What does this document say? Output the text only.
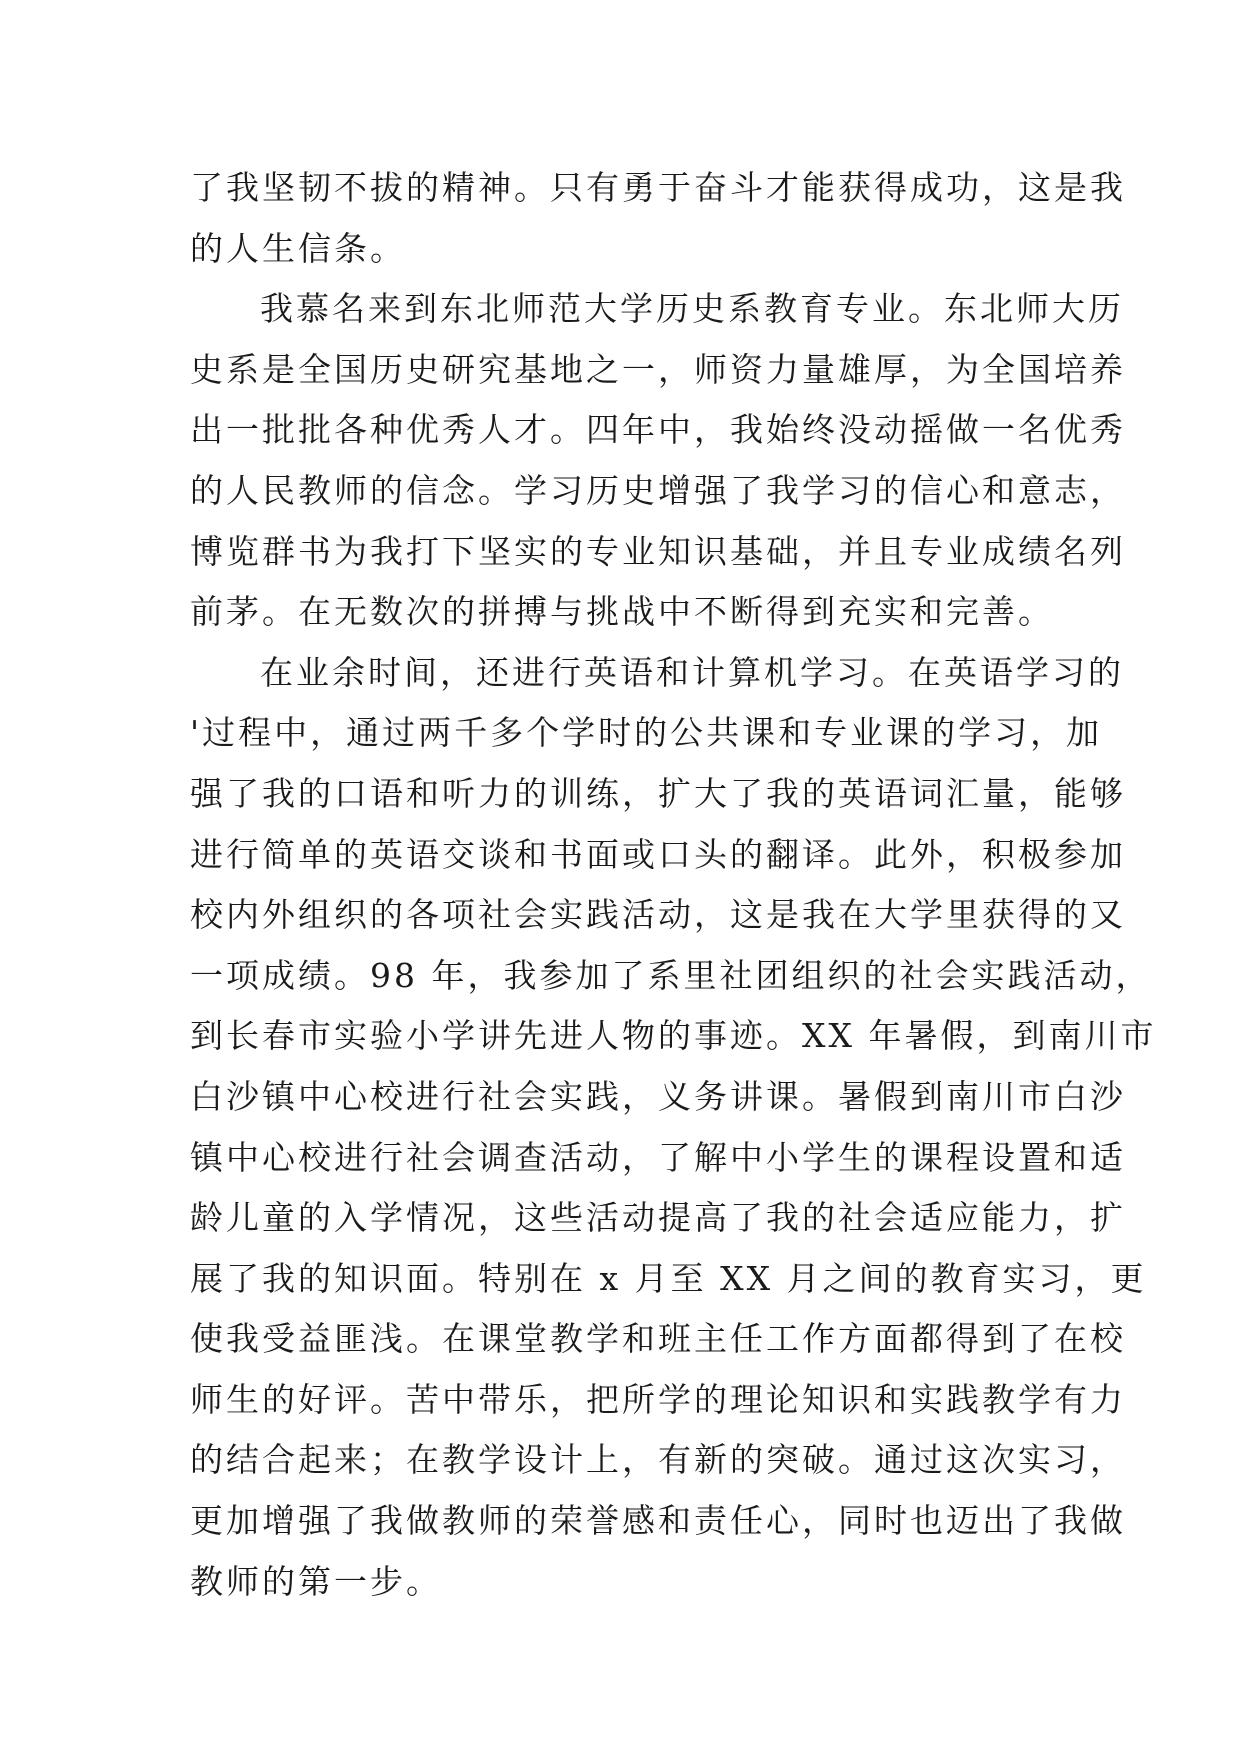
了我坚韧不拔的精神。只有勇于奋斗才能获得成功，这是我
的人生信条。
我慕名来到东北师范大学历史系教育专业。东北师大历
史系是全国历史研究基地之一，师资力量雄厚，为全国培养
出一批批各种优秀人才。四年中，我始终没动摇做一名优秀
的人民教师的信念。学习历史增强了我学习的信心和意志，
博览群书为我打下坚实的专业知识基础，并且专业成绩名列
前茅。在无数次的拼搏与挑战中不断得到充实和完善。
在业余时间，还进行英语和计算机学习。在英语学习的
'过程中，通过两千多个学时的公共课和专业课的学习，加
强了我的口语和听力的训练，扩大了我的英语词汇量，能够
进行简单的英语交谈和书面或口头的翻译。此外，积极参加
校内外组织的各项社会实践活动，这是我在大学里获得的又
一项成绩。98 年，我参加了系里社团组织的社会实践活动，
到长春市实验小学讲先进人物的事迹。XX 年暑假，到南川市
白沙镇中心校进行社会实践，义务讲课。暑假到南川市白沙
镇中心校进行社会调查活动，了解中小学生的课程设置和适
龄儿童的入学情况，这些活动提高了我的社会适应能力，扩
展了我的知识面。特别在 x 月至 XX 月之间的教育实习，更
使我受益匪浅。在课堂教学和班主任工作方面都得到了在校
师生的好评。苦中带乐，把所学的理论知识和实践教学有力
的结合起来；在教学设计上，有新的突破。通过这次实习，
更加增强了我做教师的荣誉感和责任心，同时也迈出了我做
教师的第一步。
